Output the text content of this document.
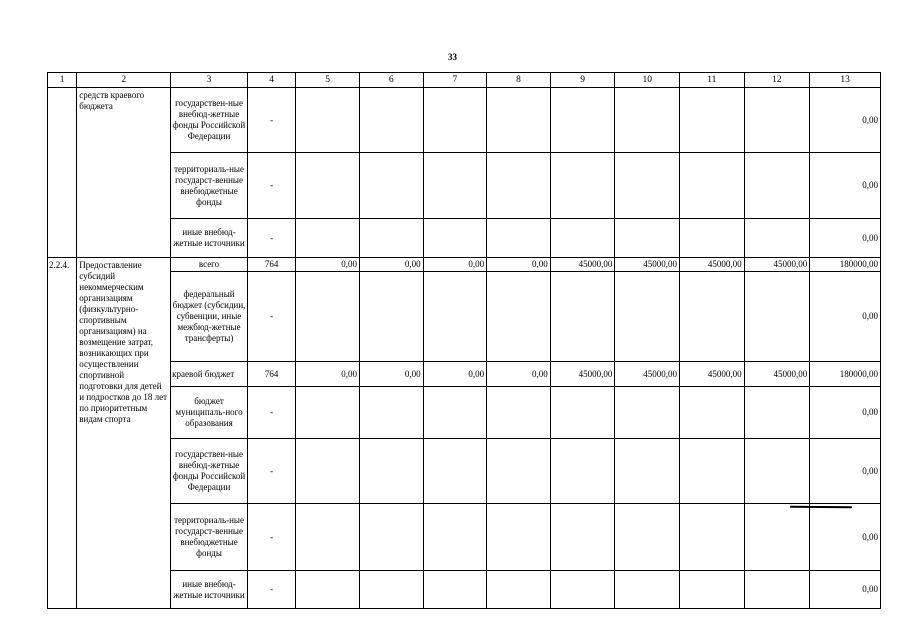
33
1	2	3	4	5	6	7	8	9	10	11	12	13
	средств краевого бюджета	государствен-ные внебюд-жетные фонды Российской Федерации	-									0,00
		территориаль-ные государст-венные внебюджетные фонды	-									0,00
		иные внебюд-жетные источники	-									0,00
2.2.4.	Предоставление субсидий некоммерческим организациям (физкультурно-спортивным организациям) на возмещение затрат, возникающих при осуществлении спортивной подготовки для детей и подростков до 18 лет по приоритетным видам спорта	всего	764	0,00	0,00	0,00	0,00	45000,00	45000,00	45000,00	45000,00	180000,00
		федеральный бюджет (субсидии, субвенции, иные межбюд-жетные трансферты)	-									0,00
		краевой бюджет	764	0,00	0,00	0,00	0,00	45000,00	45000,00	45000,00	45000,00	180000,00
		бюджет муниципаль-ного образования	-									0,00
		государствен-ные внебюд-жетные фонды Российской Федерации	-									0,00
		территориаль-ные государст-венные внебюджетные фонды	-									0,00
		иные внебюд-жетные источники	-									0,00
